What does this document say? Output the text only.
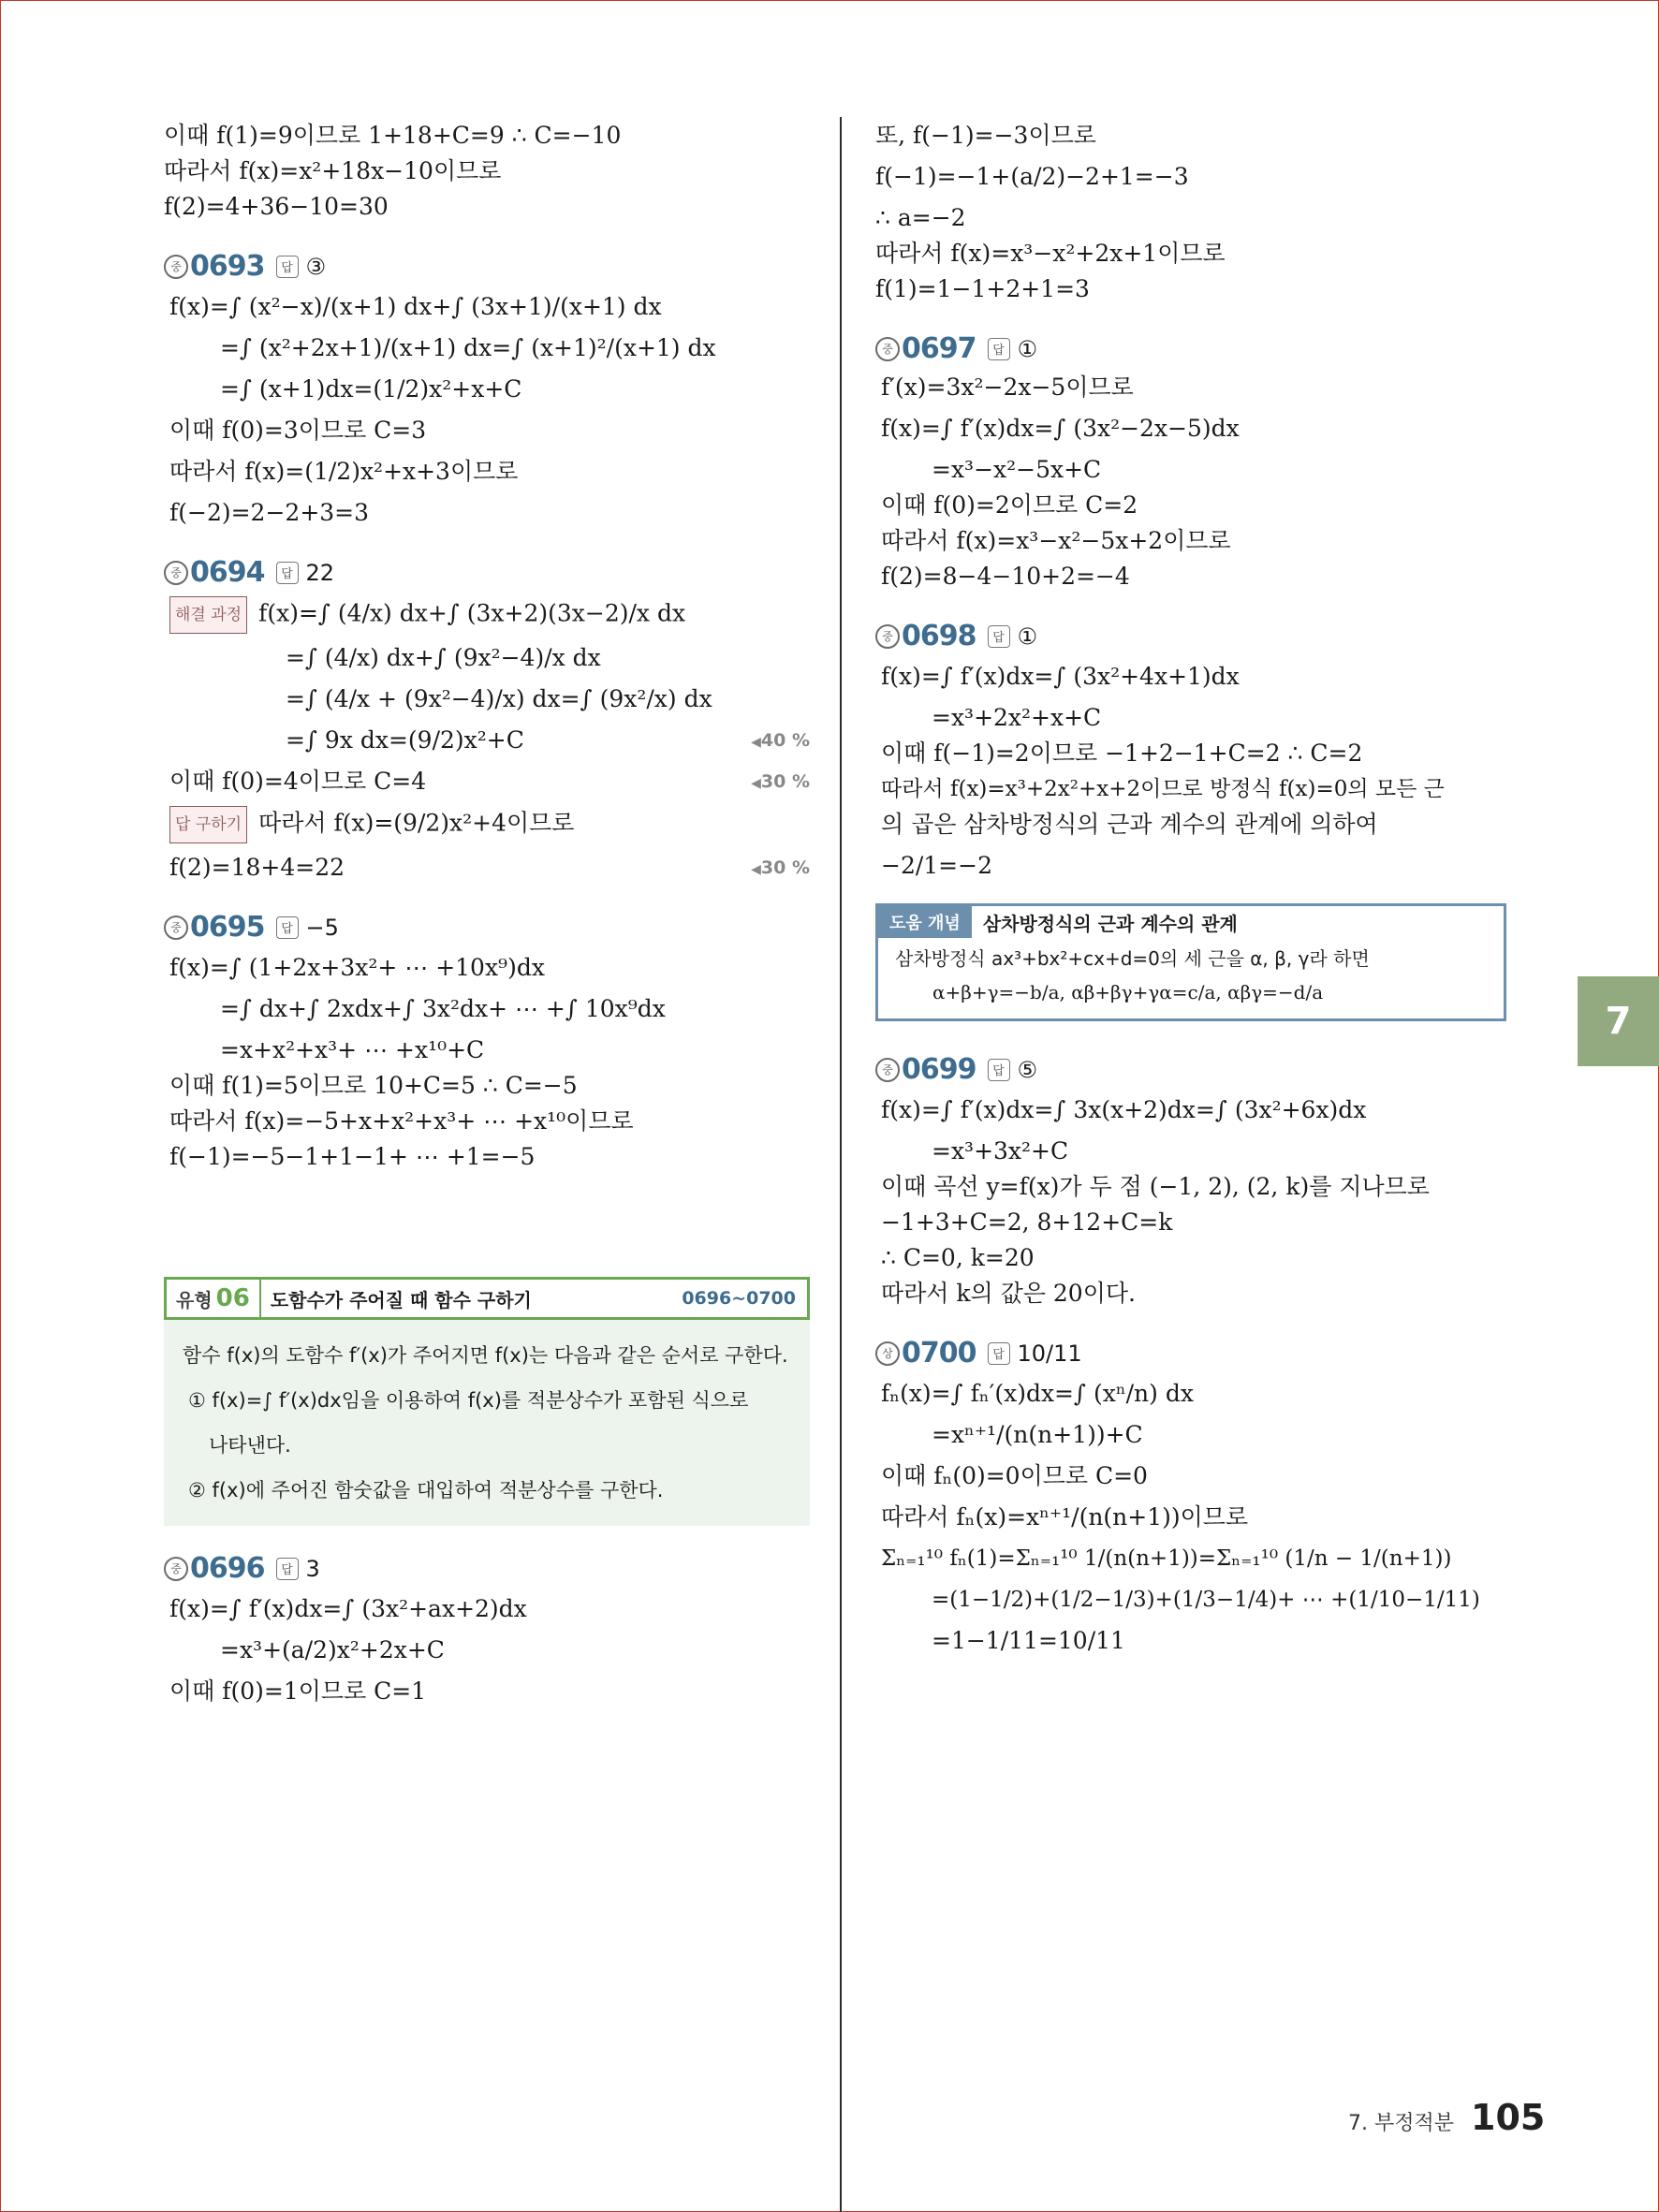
이때 f(1)=9이므로 1+18+C=9 ∴ C=−10
따라서 f(x)=x²+18x−10이므로
f(2)=4+36−10=30
중 0693	답 ③
f(x)=∫ (x²−x)/(x+1) dx+∫ (3x+1)/(x+1) dx
=∫ (x²+2x+1)/(x+1) dx=∫ (x+1)²/(x+1) dx
=∫ (x+1)dx=(1/2)x²+x+C
이때 f(0)=3이므로 C=3
따라서 f(x)=(1/2)x²+x+3이므로
f(−2)=2−2+3=3
중 0694	답 22
해결 과정 f(x)=∫ (4/x) dx+∫ (3x+2)(3x−2)/x dx
=∫ (4/x) dx+∫ (9x²−4)/x dx
=∫ (4/x + (9x²−4)/x) dx=∫ (9x²/x) dx
=∫ 9x dx=(9/2)x²+C	◀ 40 %
이때 f(0)=4이므로 C=4	◀ 30 %
답 구하기 따라서 f(x)=(9/2)x²+4이므로
f(2)=18+4=22	◀ 30 %
중 0695	답 −5
f(x)=∫ (1+2x+3x²+ ⋯ +10x⁹)dx
=∫ dx+∫ 2xdx+∫ 3x²dx+ ⋯ +∫ 10x⁹dx
=x+x²+x³+ ⋯ +x¹⁰+C
이때 f(1)=5이므로 10+C=5 ∴ C=−5
따라서 f(x)=−5+x+x²+x³+ ⋯ +x¹⁰이므로
f(−1)=−5−1+1−1+ ⋯ +1=−5
유형 06	도함수가 주어질 때 함수 구하기	0696~0700
함수 f(x)의 도함수 f′(x)가 주어지면 f(x)는 다음과 같은 순서로 구한다.
① f(x)=∫ f′(x)dx임을 이용하여 f(x)를 적분상수가 포함된 식으로
나타낸다.
② f(x)에 주어진 함숫값을 대입하여 적분상수를 구한다.
중 0696	답 3
f(x)=∫ f′(x)dx=∫ (3x²+ax+2)dx
=x³+(a/2)x²+2x+C
이때 f(0)=1이므로 C=1
또, f(−1)=−3이므로
f(−1)=−1+(a/2)−2+1=−3
∴ a=−2
따라서 f(x)=x³−x²+2x+1이므로
f(1)=1−1+2+1=3
중 0697	답 ①
f′(x)=3x²−2x−5이므로
f(x)=∫ f′(x)dx=∫ (3x²−2x−5)dx
=x³−x²−5x+C
이때 f(0)=2이므로 C=2
따라서 f(x)=x³−x²−5x+2이므로
f(2)=8−4−10+2=−4
중 0698	답 ①
f(x)=∫ f′(x)dx=∫ (3x²+4x+1)dx
=x³+2x²+x+C
이때 f(−1)=2이므로 −1+2−1+C=2 ∴ C=2
따라서 f(x)=x³+2x²+x+2이므로 방정식 f(x)=0의 모든 근
의 곱은 삼차방정식의 근과 계수의 관계에 의하여
−2/1=−2
도움 개념	삼차방정식의 근과 계수의 관계
삼차방정식 ax³+bx²+cx+d=0의 세 근을 α, β, γ라 하면
α+β+γ=−b/a, αβ+βγ+γα=c/a, αβγ=−d/a
중 0699	답 ⑤
f(x)=∫ f′(x)dx=∫ 3x(x+2)dx=∫ (3x²+6x)dx
=x³+3x²+C
이때 곡선 y=f(x)가 두 점 (−1, 2), (2, k)를 지나므로
−1+3+C=2, 8+12+C=k
∴ C=0, k=20
따라서 k의 값은 20이다.
상 0700	답 10/11
fₙ(x)=∫ fₙ′(x)dx=∫ (xⁿ/n) dx
=xⁿ⁺¹/(n(n+1))+C
이때 fₙ(0)=0이므로 C=0
따라서 fₙ(x)=xⁿ⁺¹/(n(n+1))이므로
Σₙ₌₁¹⁰ fₙ(1)=Σₙ₌₁¹⁰ 1/(n(n+1))=Σₙ₌₁¹⁰ (1/n − 1/(n+1))
=(1−1/2)+(1/2−1/3)+(1/3−1/4)+ ⋯ +(1/10−1/11)
=1−1/11=10/11
7
7. 부정적분 105
